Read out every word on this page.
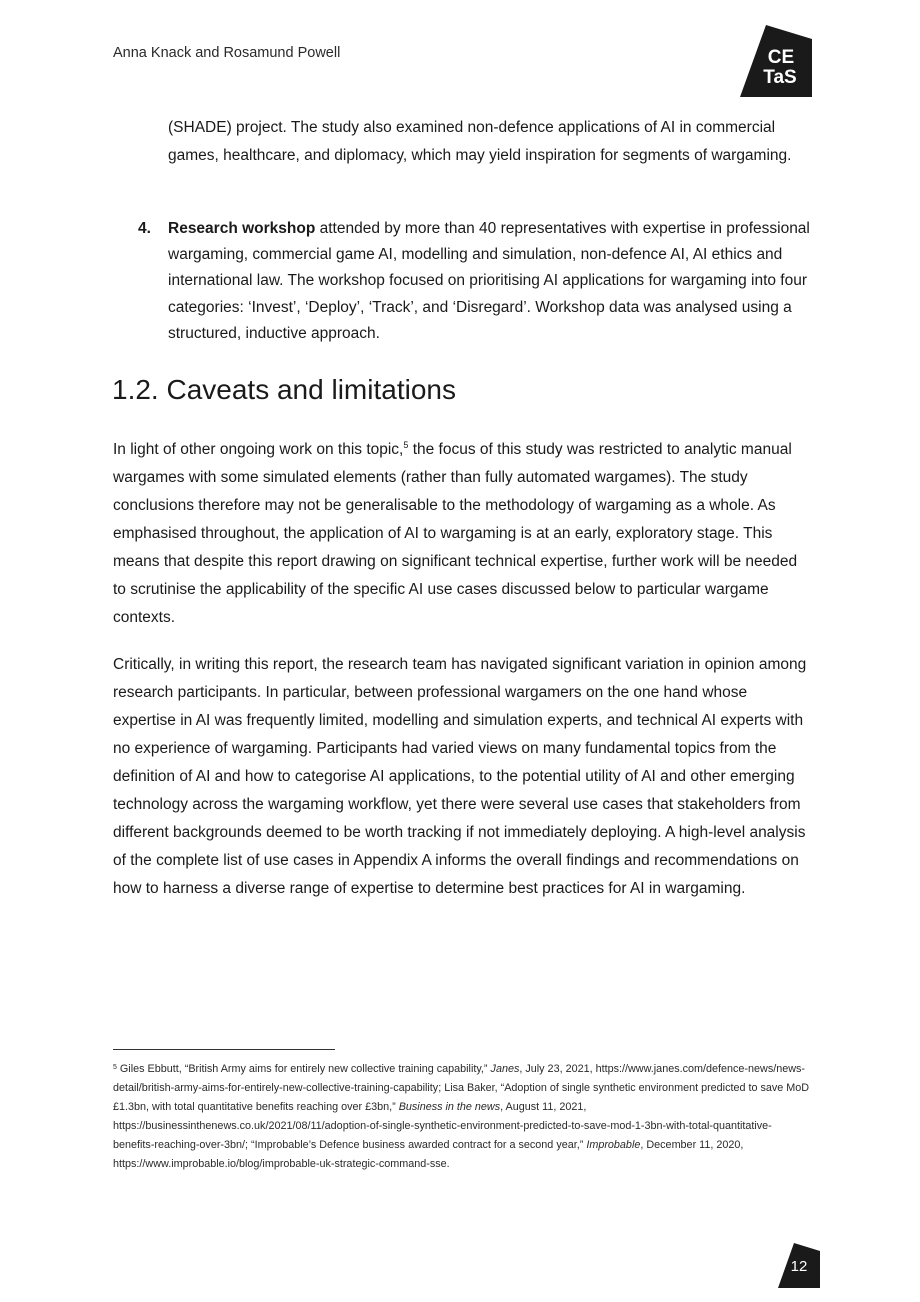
Anna Knack and Rosamund Powell	CE
TaS

(SHADE) project. The study also examined non-defence applications of AI in commercial games, healthcare, and diplomacy, which may yield inspiration for segments of wargaming.

4. Research workshop attended by more than 40 representatives with expertise in professional wargaming, commercial game AI, modelling and simulation, non-defence AI, AI ethics and international law. The workshop focused on prioritising AI applications for wargaming into four categories: ‘Invest’, ‘Deploy’, ‘Track’, and ‘Disregard’. Workshop data was analysed using a structured, inductive approach.

1.2. Caveats and limitations

In light of other ongoing work on this topic,$^5$ the focus of this study was restricted to analytic manual wargames with some simulated elements (rather than fully automated wargames). The study conclusions therefore may not be generalisable to the methodology of wargaming as a whole. As emphasised throughout, the application of AI to wargaming is at an early, exploratory stage. This means that despite this report drawing on significant technical expertise, further work will be needed to scrutinise the applicability of the specific AI use cases discussed below to particular wargame contexts.

Critically, in writing this report, the research team has navigated significant variation in opinion among research participants. In particular, between professional wargamers on the one hand whose expertise in AI was frequently limited, modelling and simulation experts, and technical AI experts with no experience of wargaming. Participants had varied views on many fundamental topics from the definition of AI and how to categorise AI applications, to the potential utility of AI and other emerging technology across the wargaming workflow, yet there were several use cases that stakeholders from different backgrounds deemed to be worth tracking if not immediately deploying. A high-level analysis of the complete list of use cases in Appendix A informs the overall findings and recommendations on how to harness a diverse range of expertise to determine best practices for AI in wargaming.

$^5$ Giles Ebbutt, “British Army aims for entirely new collective training capability,” Janes, July 23, 2021, https://www.janes.com/defence-news/news-detail/british-army-aims-for-entirely-new-collective-training-capability; Lisa Baker, “Adoption of single synthetic environment predicted to save MoD £1.3bn, with total quantitative benefits reaching over £3bn,” Business in the news, August 11, 2021, https://businessinthenews.co.uk/2021/08/11/adoption-of-single-synthetic-environment-predicted-to-save-mod-1-3bn-with-total-quantitative-benefits-reaching-over-3bn/; “Improbable’s Defence business awarded contract for a second year,” Improbable, December 11, 2020, https://www.improbable.io/blog/improbable-uk-strategic-command-sse.

12
